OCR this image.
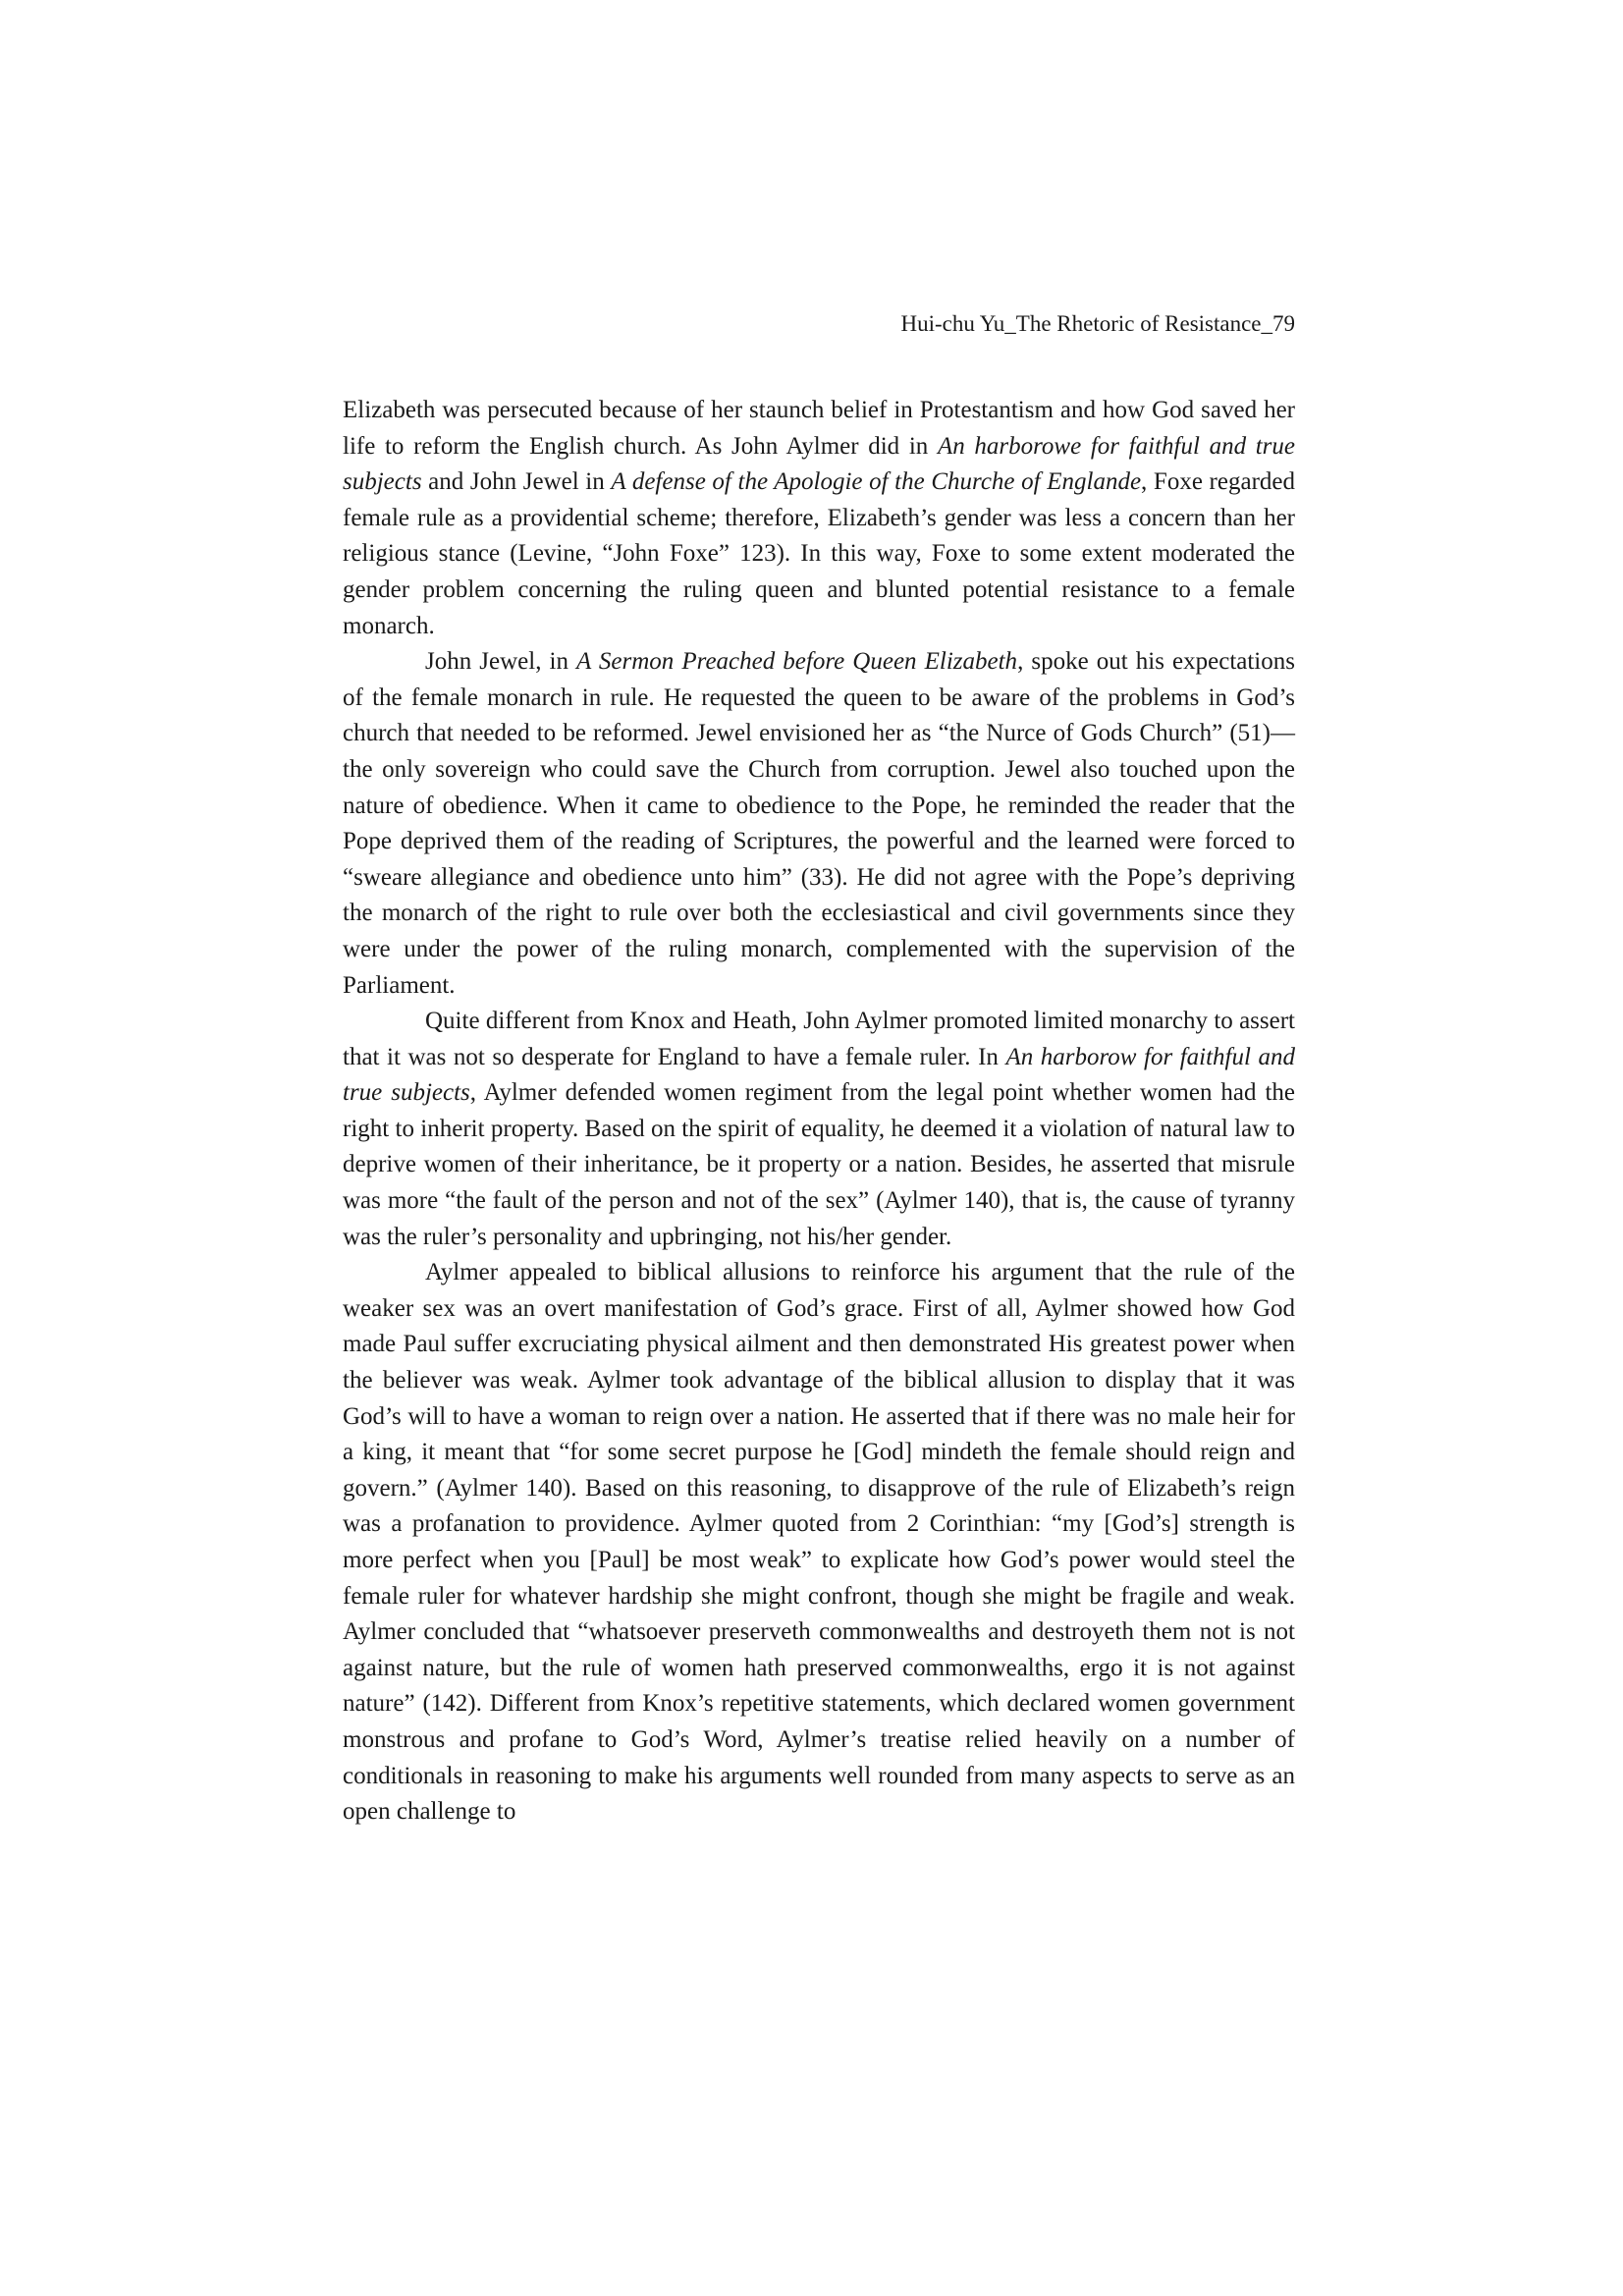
Hui-chu Yu_The Rhetoric of Resistance_79

Elizabeth was persecuted because of her staunch belief in Protestantism and how God saved her life to reform the English church. As John Aylmer did in An harborowe for faithful and true subjects and John Jewel in A defense of the Apologie of the Churche of Englande, Foxe regarded female rule as a providential scheme; therefore, Elizabeth’s gender was less a concern than her religious stance (Levine, “John Foxe” 123). In this way, Foxe to some extent moderated the gender problem concerning the ruling queen and blunted potential resistance to a female monarch.

John Jewel, in A Sermon Preached before Queen Elizabeth, spoke out his expectations of the female monarch in rule. He requested the queen to be aware of the problems in God’s church that needed to be reformed. Jewel envisioned her as “the Nurce of Gods Church” (51)—the only sovereign who could save the Church from corruption. Jewel also touched upon the nature of obedience. When it came to obedience to the Pope, he reminded the reader that the Pope deprived them of the reading of Scriptures, the powerful and the learned were forced to “sweare allegiance and obedience unto him” (33). He did not agree with the Pope’s depriving the monarch of the right to rule over both the ecclesiastical and civil governments since they were under the power of the ruling monarch, complemented with the supervision of the Parliament.

Quite different from Knox and Heath, John Aylmer promoted limited monarchy to assert that it was not so desperate for England to have a female ruler. In An harborow for faithful and true subjects, Aylmer defended women regiment from the legal point whether women had the right to inherit property. Based on the spirit of equality, he deemed it a violation of natural law to deprive women of their inheritance, be it property or a nation. Besides, he asserted that misrule was more “the fault of the person and not of the sex” (Aylmer 140), that is, the cause of tyranny was the ruler’s personality and upbringing, not his/her gender.

Aylmer appealed to biblical allusions to reinforce his argument that the rule of the weaker sex was an overt manifestation of God’s grace. First of all, Aylmer showed how God made Paul suffer excruciating physical ailment and then demonstrated His greatest power when the believer was weak. Aylmer took advantage of the biblical allusion to display that it was God’s will to have a woman to reign over a nation. He asserted that if there was no male heir for a king, it meant that “for some secret purpose he [God] mindeth the female should reign and govern.” (Aylmer 140). Based on this reasoning, to disapprove of the rule of Elizabeth’s reign was a profanation to providence. Aylmer quoted from 2 Corinthian: “my [God’s] strength is more perfect when you [Paul] be most weak” to explicate how God’s power would steel the female ruler for whatever hardship she might confront, though she might be fragile and weak. Aylmer concluded that “whatsoever preserveth commonwealths and destroyeth them not is not against nature, but the rule of women hath preserved commonwealths, ergo it is not against nature” (142). Different from Knox’s repetitive statements, which declared women government monstrous and profane to God’s Word, Aylmer’s treatise relied heavily on a number of conditionals in reasoning to make his arguments well rounded from many aspects to serve as an open challenge to
